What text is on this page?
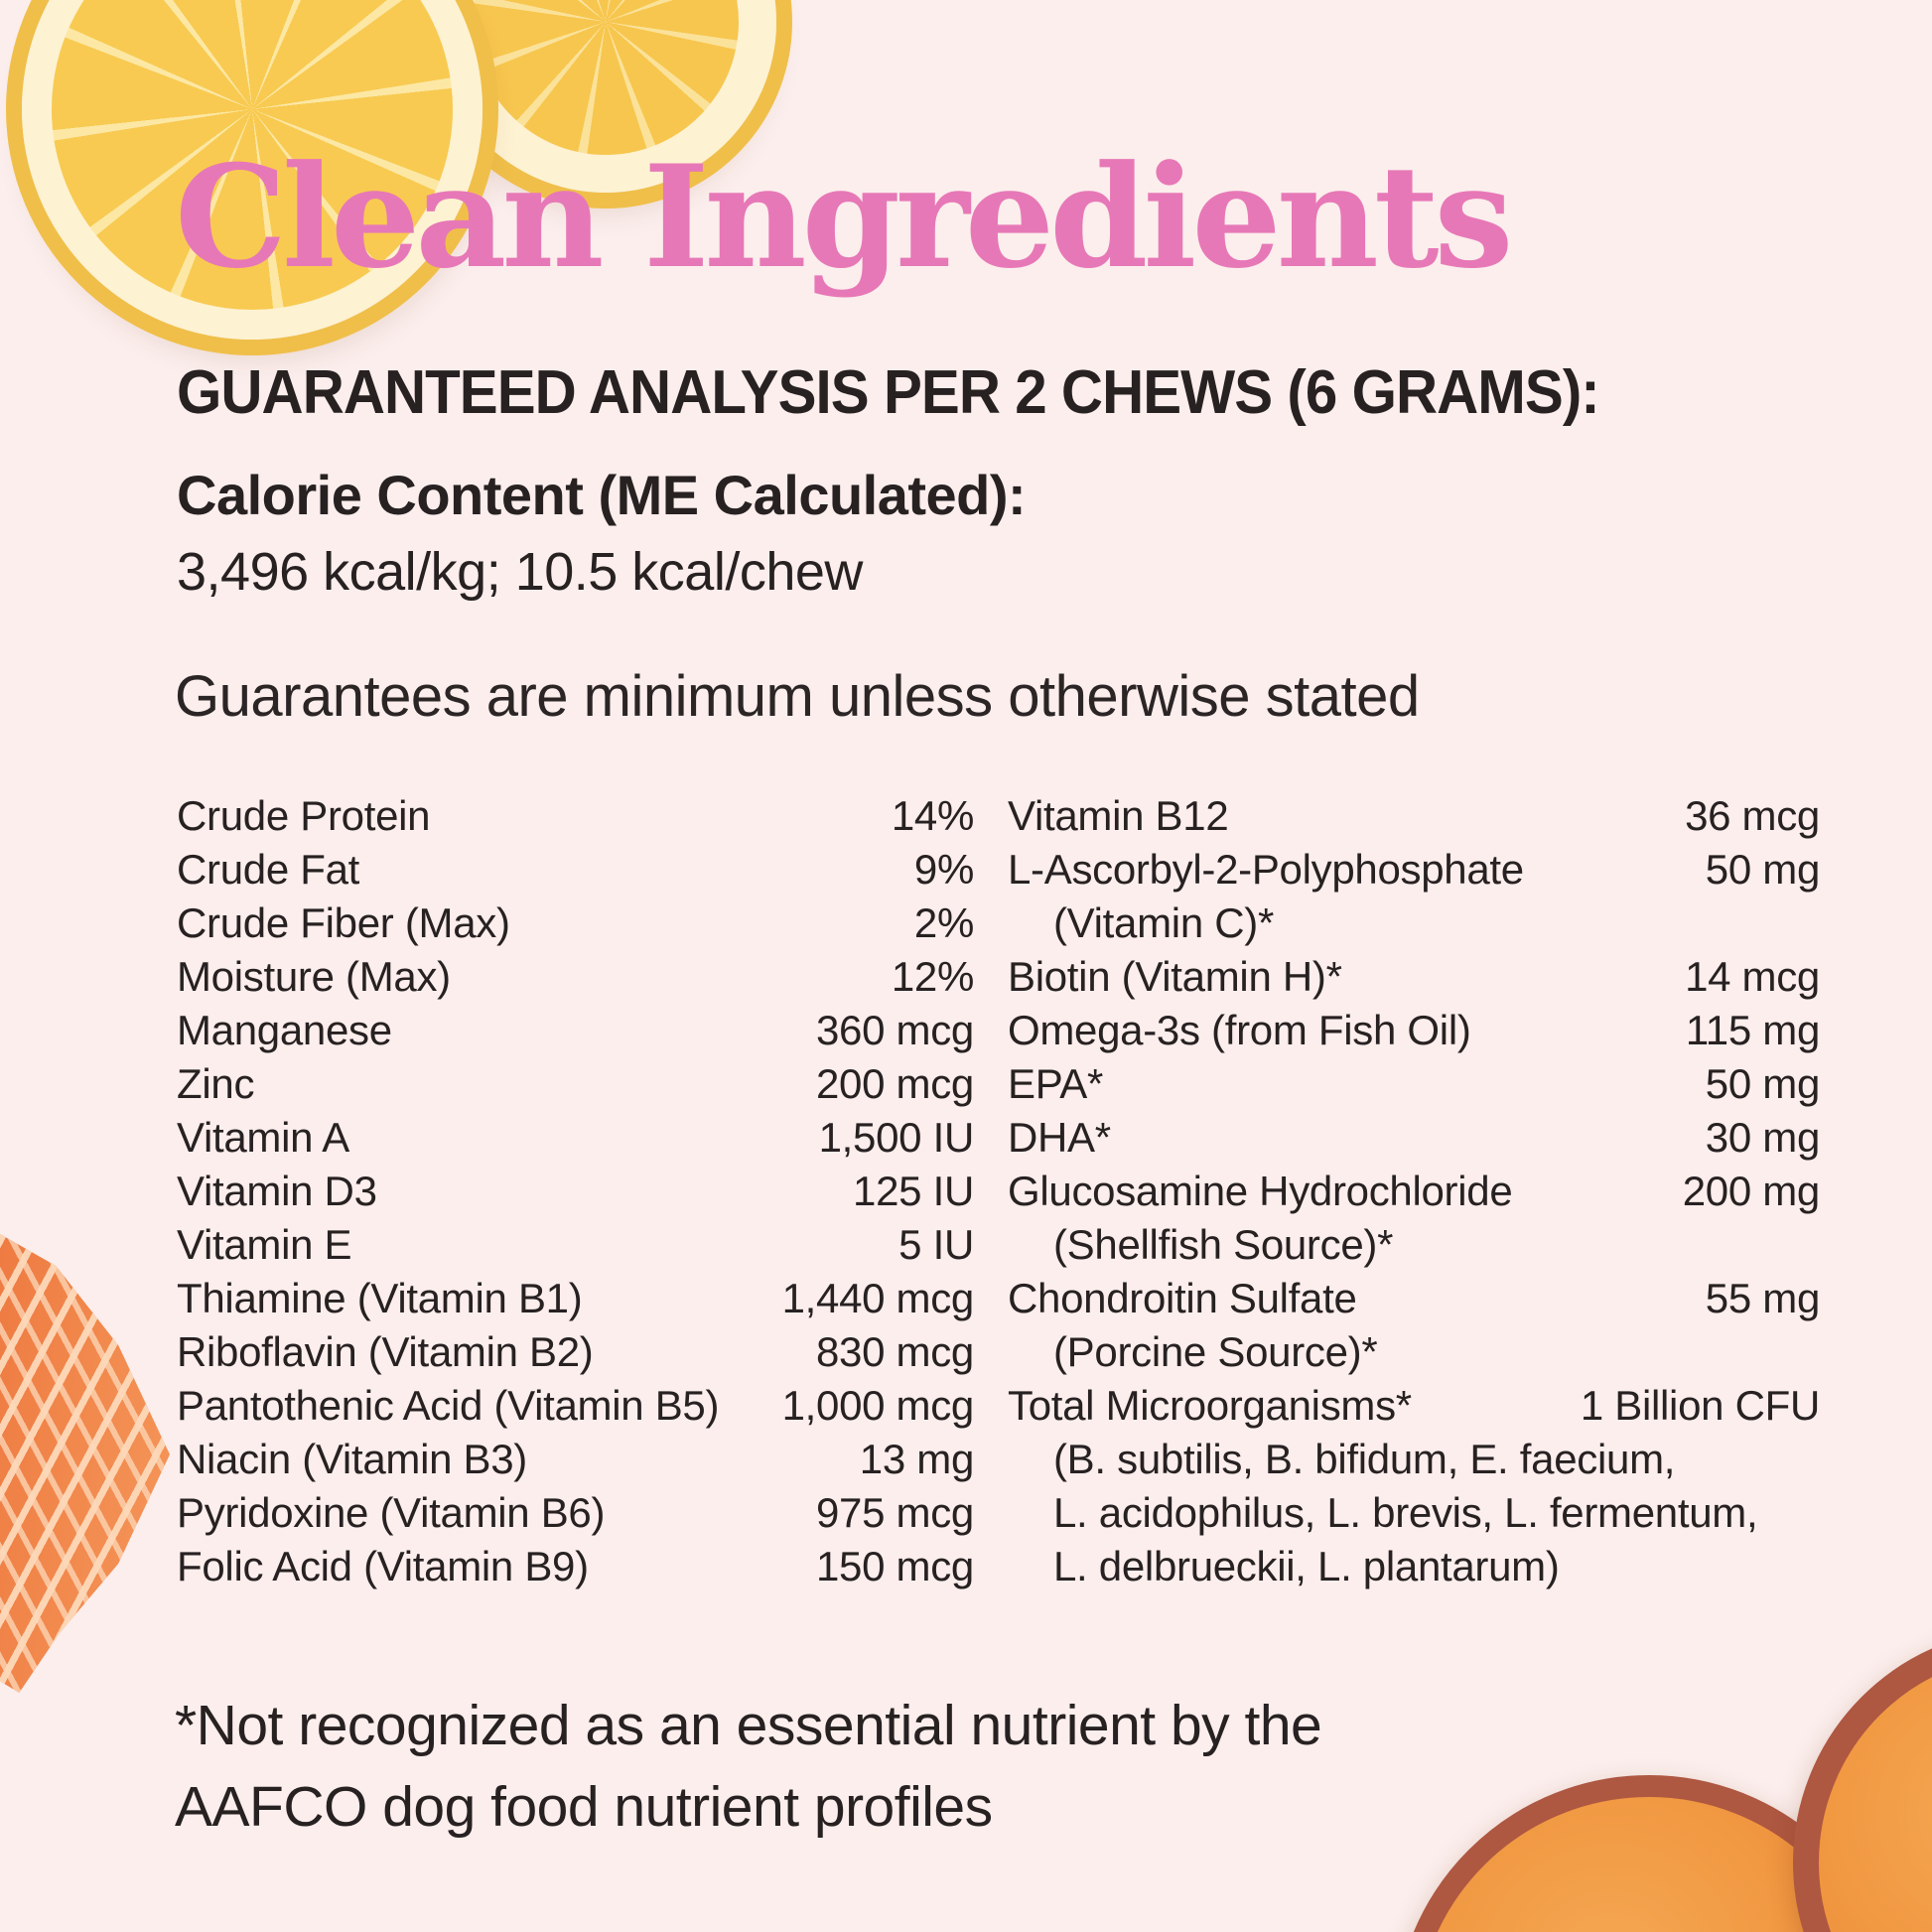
Clean Ingredients
GUARANTEED ANALYSIS PER 2 CHEWS (6 GRAMS):
Calorie Content (ME Calculated):
3,496 kcal/kg; 10.5 kcal/chew
Guarantees are minimum unless otherwise stated
Crude Protein	14%
Crude Fat	9%
Crude Fiber (Max)	2%
Moisture (Max)	12%
Manganese	360 mcg
Zinc	200 mcg
Vitamin A	1,500 IU
Vitamin D3	125 IU
Vitamin E	5 IU
Thiamine (Vitamin B1)	1,440 mcg
Riboflavin (Vitamin B2)	830 mcg
Pantothenic Acid (Vitamin B5) 1,000 mcg
Niacin (Vitamin B3)	13 mg
Pyridoxine (Vitamin B6)	975 mcg
Folic Acid (Vitamin B9)	150 mcg
Vitamin B12	36 mcg
L-Ascorbyl-2-Polyphosphate	50 mg
(Vitamin C)*
Biotin (Vitamin H)*	14 mcg
Omega-3s (from Fish Oil)	115 mg
EPA*	50 mg
DHA*	30 mg
Glucosamine Hydrochloride	200 mg
(Shellfish Source)*
Chondroitin Sulfate	55 mg
(Porcine Source)*
Total Microorganisms*	1 Billion CFU
(B. subtilis, B. bifidum, E. faecium,
L. acidophilus, L. brevis, L. fermentum,
L. delbrueckii, L. plantarum)
*Not recognized as an essential nutrient by the
AAFCO dog food nutrient profiles
